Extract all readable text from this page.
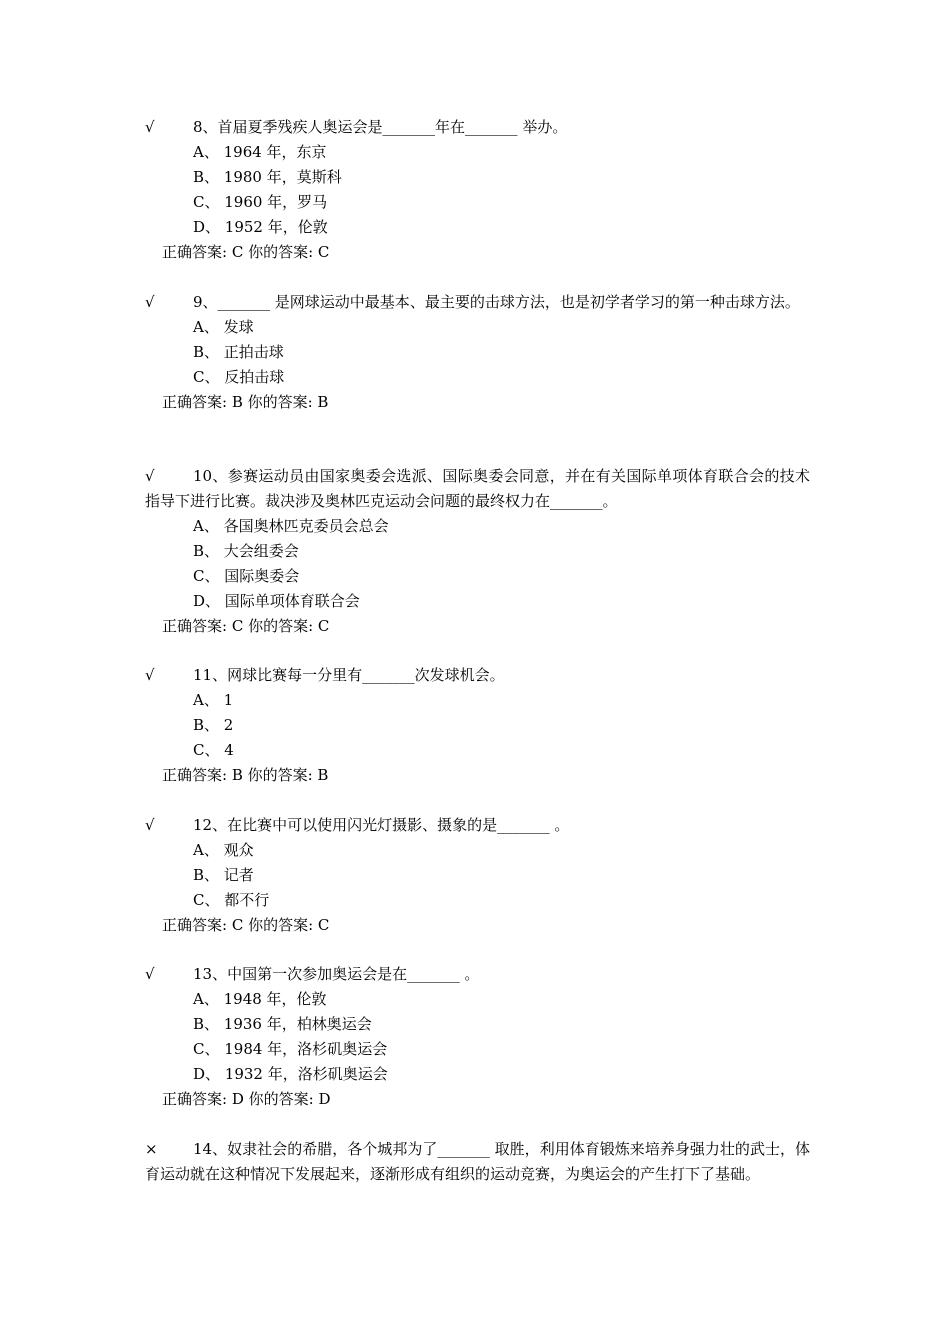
√	8、首届夏季残疾人奥运会是_______年在_______ 举办。
A、 1964 年，东京
B、 1980 年，莫斯科
C、 1960 年，罗马
D、 1952 年，伦敦
正确答案: C 你的答案: C
√	9、_______ 是网球运动中最基本、最主要的击球方法，也是初学者学习的第一种击球方法。
A、 发球
B、 正拍击球
C、 反拍击球
正确答案: B 你的答案: B
√	10、参赛运动员由国家奥委会选派、国际奥委会同意，并在有关国际单项体育联合会的技术指导下进行比赛。裁决涉及奥林匹克运动会问题的最终权力在_______。
A、 各国奥林匹克委员会总会
B、 大会组委会
C、 国际奥委会
D、 国际单项体育联合会
正确答案: C 你的答案: C
√	11、网球比赛每一分里有_______次发球机会。
A、 1
B、 2
C、 4
正确答案: B 你的答案: B
√	12、在比赛中可以使用闪光灯摄影、摄象的是_______ 。
A、 观众
B、 记者
C、 都不行
正确答案: C 你的答案: C
√	13、中国第一次参加奥运会是在_______ 。
A、 1948 年，伦敦
B、 1936 年，柏林奥运会
C、 1984 年，洛杉矶奥运会
D、 1932 年，洛杉矶奥运会
正确答案: D 你的答案: D
× 14、奴隶社会的希腊，各个城邦为了_______ 取胜，利用体育锻炼来培养身强力壮的武士，体育运动就在这种情况下发展起来，逐渐形成有组织的运动竞赛，为奥运会的产生打下了基础。
